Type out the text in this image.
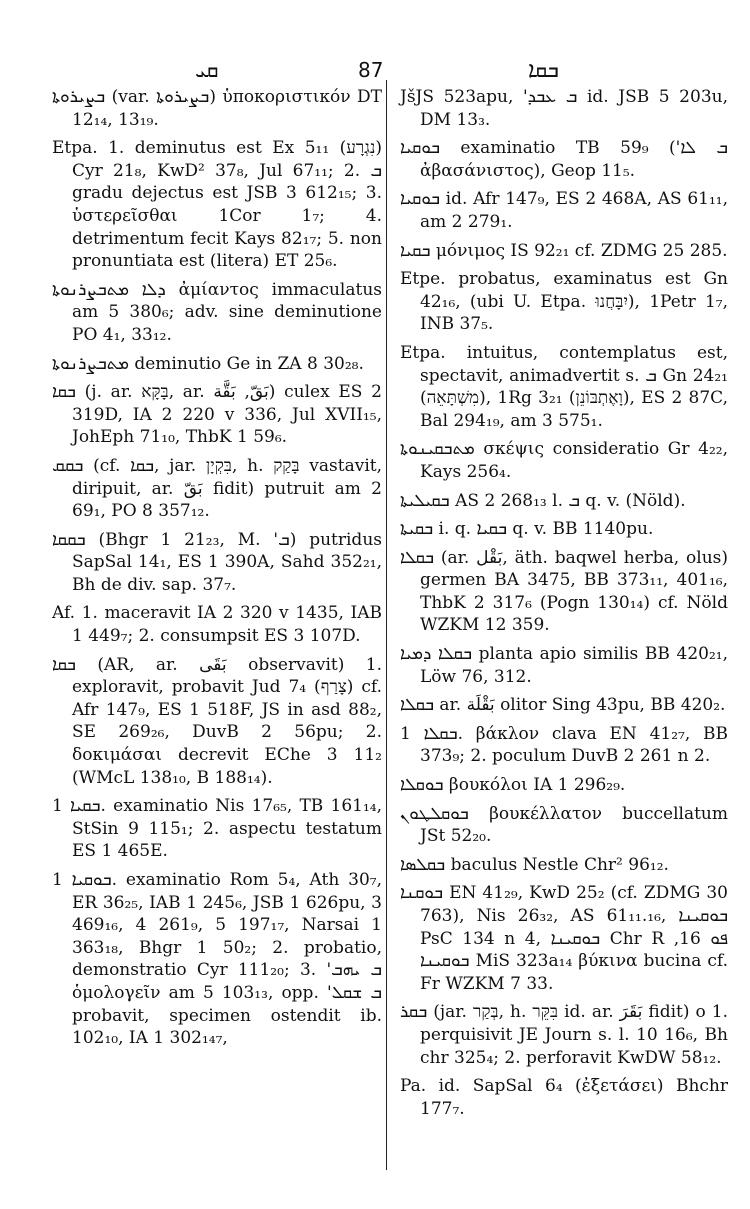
ܩܝ	87	ܒܩܐ
ܒܨܝܪܘܬܐ (var. ܒܨܝܪܘܬܐ) ὑποκοριστικόν DT 12₁₄, 13₁₉.
Etpa. 1. deminutus est Ex 5₁₁ (נִגְרָע) Cyr 21₈, KwD² 37₈, Jul 67₁₁; 2. ܒ gradu dejectus est JSB 3 612₁₅; 3. ὑστερεῖσθαι 1Cor 1₇; 4. detrimentum fecit Kays 82₁₇; 5. non pronuntiata est (litera) ET 25₆.
ܕܠܐ ܡܬܒܨܪܢܘܬܐ ἀμίαντος immaculatus am 5 380₆; adv. sine deminutione PO 4₁, 33₁₂.
ܡܬܒܨܪܢܘܬܐ deminutio Ge in ZA 8 30₂₈.
ܒܩܐ (j. ar. בָּקָּא, ar. بَقّ, بَقَّة) culex ES 2 319D, IA 2 220 v 336, Jul XVII₁₅, JohEph 71₁₀, ThbK 1 59₆.
ܒܩܩ (cf. ܒܩܐ, jar. בִּקְיָן, h. בָּקַק vastavit, diripuit, ar. بَقّ fidit) putruit am 2 69₁, PO 8 357₁₂.
ܒܩܩܐ (Bhgr 1 21₂₃, M. 'ܒ) putridus SapSal 14₁, ES 1 390A, Sahd 352₂₁, Bh de div. sap. 37₇.
Af. 1. maceravit IA 2 320 v 1435, IAB 1 449₇; 2. consumpsit ES 3 107D.
ܒܩܐ (AR, ar. بَقَى observavit) 1. exploravit, probavit Jud 7₄ (צָרַף) cf. Afr 147₉, ES 1 518F, JS in asd 88₂, SE 269₂₆, DuvB 2 56pu; 2. δοκιμάσαι decrevit EChe 3 11₂ (WMcL 138₁₀, B 188₁₄).
ܒܩܝܐ 1. examinatio Nis 17₆₅, TB 161₁₄, StSin 9 115₁; 2. aspectu testatum ES 1 465E.
ܒܘܩܝܐ 1. examinatio Rom 5₄, Ath 30₇, ER 36₂₅, IAB 1 245₆, JSB 1 626pu, 3 469₁₆, 4 261₉, 5 197₁₇, Narsai 1 363₁₈, Bhgr 1 50₂; 2. probatio, demonstratio Cyr 111₂₀; 3. 'ܒ ܝܗܒ ὁμολογεῖν am 5 103₁₃, opp. 'ܒ ܫܩܠ probavit, specimen ostendit ib. 102₁₀, IA 1 302₁₄₇,
JšJS 523apu, 'ܒ ܥܒܕ id. JSB 5 203u, DM 13₃.
ܒܘܩܝܐ examinatio TB 59₉ ('ܒ ܠܐ ἀβασάνιστος), Geop 11₅.
ܒܘܩܝܐ id. Afr 147₉, ES 2 468A, AS 61₁₁, am 2 279₁.
ܒܩܝܐ μόνιμος IS 92₂₁ cf. ZDMG 25 285.
Etpe. probatus, examinatus est Gn 42₁₆, (ubi U. Etpa. יִבָּחֲנוּ), 1Petr 1₇, INB 37₅.
Etpa. intuitus, contemplatus est, spectavit, animadvertit s. ܒ Gn 24₂₁ (מִשְׁתָּאֵה), 1Rg 3₂₁ (וָאֶתְבּוֹנֵן), ES 2 87C, Bal 294₁₉, am 3 575₁.
ܡܬܒܩܝܢܘܬܐ σκέψις consideratio Gr 4₂₂, Kays 256₄.
ܒܩܝܠܝܬܐ AS 2 268₁₃ l. ܒ q. v. (Nöld).
ܒܩܝܬܐ i. q. ܒܩܝܐ q. v. BB 1140pu.
ܒܩܠܐ (ar. بَقْل, äth. baqwel herba, olus) germen BA 3475, BB 373₁₁, 401₁₆, ThbK 2 317₆ (Pogn 130₁₄) cf. Nöld WZKM 12 359.
ܒܩܠܐ ܕܡܝܐ planta apio similis BB 420₂₁, Löw 76, 312.
ܒܩܠܐ ar. بَقْلَة olitor Sing 43pu, BB 420₂.
ܒܩܠܐ 1. βάκλον clava EN 41₂₇, BB 373₉; 2. poculum DuvB 2 261 n 2.
ܒܘܩܠܐ βουκόλοι IA 1 296₂₉.
ܒܘܩܠܛܘܢ βουκέλλατον buccellatum JSt 52₂₀.
ܒܩܠܣܐ baculus Nestle Chr² 96₁₂.
ܒܘܩܢܐ EN 41₂₉, KwD 25₂ (cf. ZDMG 30 763), Nis 26₃₂, AS 61₁₁.₁₆, ܒܘܩܝܢܐ PsC 134 n 4, ܒܘܩܝܢܐ Chr R ܦܘ 16, ܒܘܩܝܢܐ MiS 323a₁₄ βύκινα bucina cf. Fr WZKM 7 33.
ܒܩܪ (jar. בְּקַר, h. בִּקֵּר id. ar. بَقَرَ fidit) o 1. perquisivit JE Journ s. l. 10 16₆, Bh chr 325₄; 2. perforavit KwDW 58₁₂.
Pa. id. SapSal 6₄ (ἐξετάσει) Bhchr 177₇.
